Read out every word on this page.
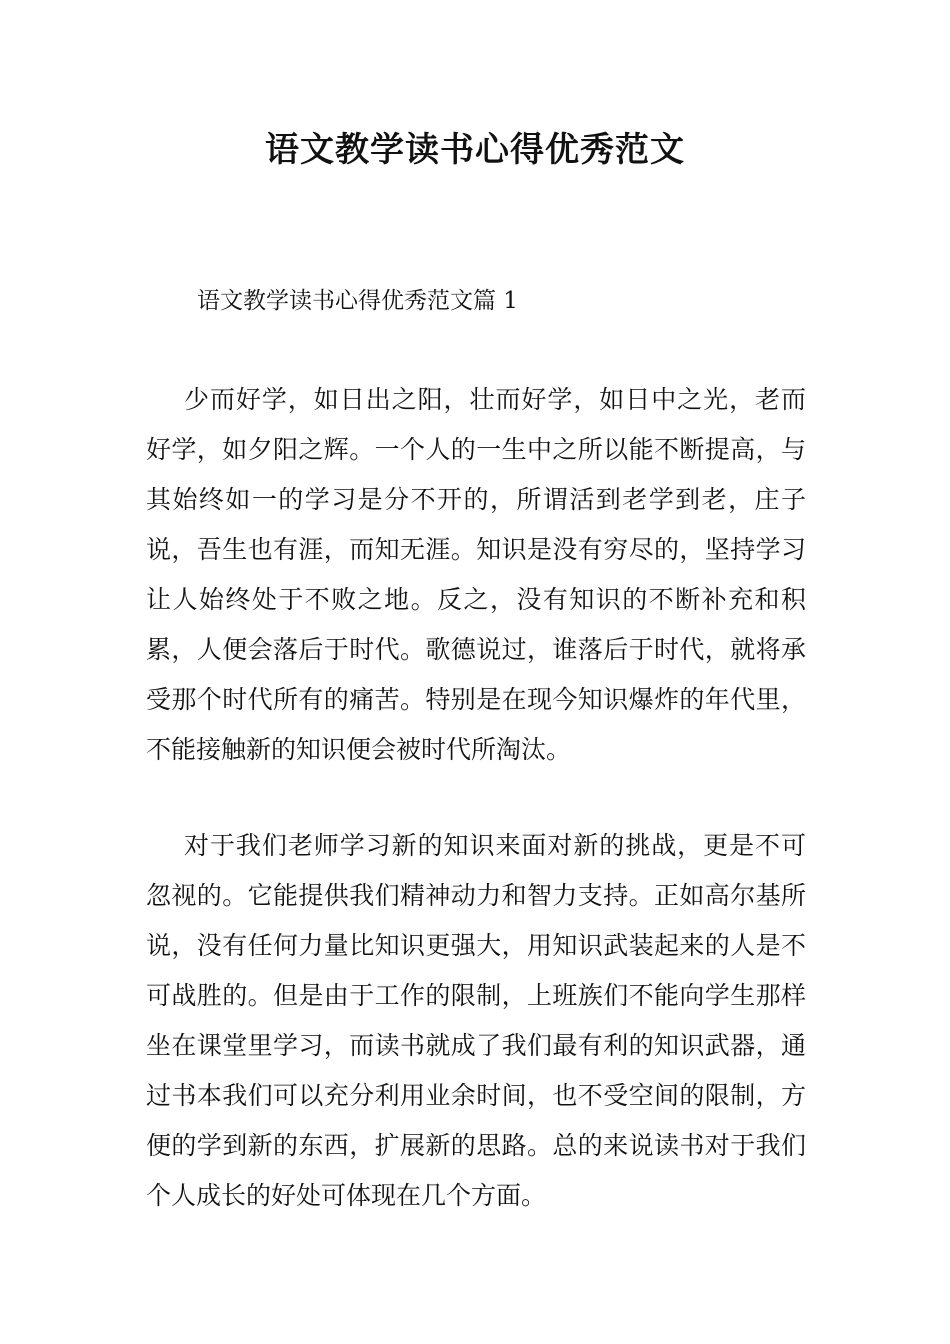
语文教学读书心得优秀范文
语文教学读书心得优秀范文篇 1

少而好学，如日出之阳，壮而好学，如日中之光，老而好学，如夕阳之辉。一个人的一生中之所以能不断提高，与其始终如一的学习是分不开的，所谓活到老学到老，庄子说，吾生也有涯，而知无涯。知识是没有穷尽的，坚持学习让人始终处于不败之地。反之，没有知识的不断补充和积累，人便会落后于时代。歌德说过，谁落后于时代，就将承受那个时代所有的痛苦。特别是在现今知识爆炸的年代里，不能接触新的知识便会被时代所淘汰。

对于我们老师学习新的知识来面对新的挑战，更是不可忽视的。它能提供我们精神动力和智力支持。正如高尔基所说，没有任何力量比知识更强大，用知识武装起来的人是不可战胜的。但是由于工作的限制，上班族们不能向学生那样坐在课堂里学习，而读书就成了我们最有利的知识武器，通过书本我们可以充分利用业余时间，也不受空间的限制，方便的学到新的东西，扩展新的思路。总的来说读书对于我们个人成长的好处可体现在几个方面。
